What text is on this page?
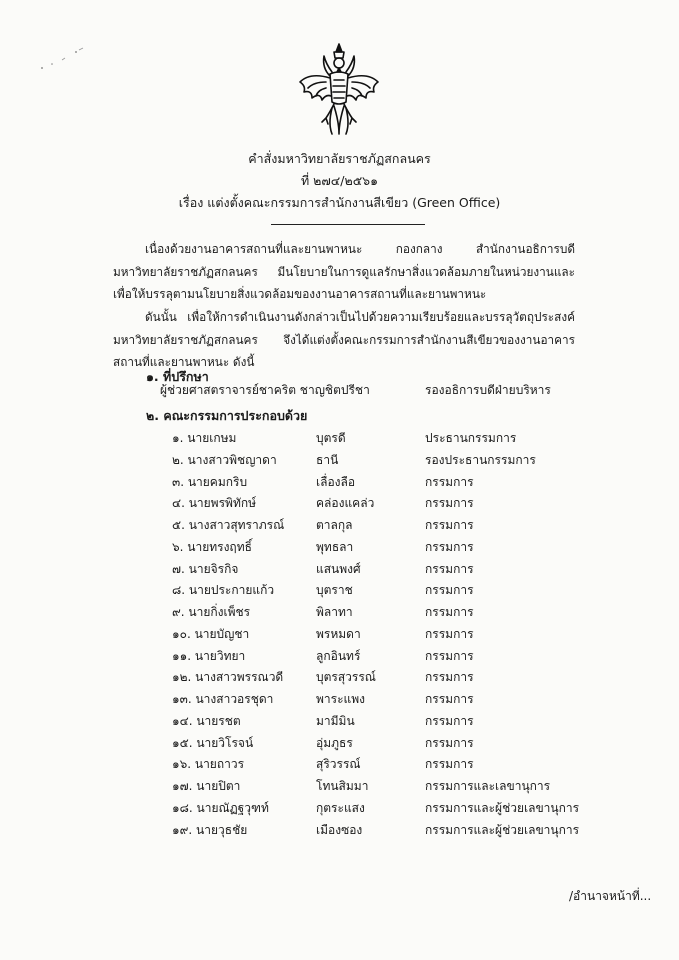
คำสั่งมหาวิทยาลัยราชภัฏสกลนคร
ที่ ๒๗๔/๒๕๖๑
เรื่อง แต่งตั้งคณะกรรมการสำนักงานสีเขียว (Green Office)
เนื่องด้วยงานอาคารสถานที่และยานพาหนะ กองกลาง สำนักงานอธิการบดี มหาวิทยาลัยราชภัฏสกลนคร มีนโยบายในการดูแลรักษาสิ่งแวดล้อมภายในหน่วยงานและเพื่อให้บรรลุตามนโยบายสิ่งแวดล้อมของงานอาคารสถานที่และยานพาหนะ
ดันนั้น เพื่อให้การดำเนินงานดังกล่าวเป็นไปด้วยความเรียบร้อยและบรรลุวัตถุประสงค์มหาวิทยาลัยราชภัฏสกลนคร จึงได้แต่งตั้งคณะกรรมการสำนักงานสีเขียวของงานอาคารสถานที่และยานพาหนะ ดังนี้
๑. ที่ปรึกษา
ผู้ช่วยศาสตราจารย์ชาคริต ชาญชิตปรีชา	รองอธิการบดีฝ่ายบริหาร
๒. คณะกรรมการประกอบด้วย
๑. นายเกษม	บุตรดี	ประธานกรรมการ
๒. นางสาวพิชญาดา	ธานี	รองประธานกรรมการ
๓. นายคมกริบ	เลื่องลือ	กรรมการ
๔. นายพรพิทักษ์	คล่องแคล่ว	กรรมการ
๕. นางสาวสุทราภรณ์	ตาลกุล	กรรมการ
๖. นายทรงฤทธิ์	พุทธลา	กรรมการ
๗. นายจิรกิจ	แสนพงศ์	กรรมการ
๘. นายประกายแก้ว	บุตราช	กรรมการ
๙. นายกิ่งเพ็ชร	พิลาทา	กรรมการ
๑๐. นายบัญชา	พรหมดา	กรรมการ
๑๑. นายวิทยา	ลูกอินทร์	กรรมการ
๑๒. นางสาวพรรณวดี	บุตรสุวรรณ์	กรรมการ
๑๓. นางสาวอรชุดา	พาระแพง	กรรมการ
๑๔. นายรชต	มามีมิน	กรรมการ
๑๕. นายวิโรจน์	อุ่มภูธร	กรรมการ
๑๖. นายถาวร	สุริวรรณ์	กรรมการ
๑๗. นายปิตา	โทนสิมมา	กรรมการและเลขานุการ
๑๘. นายณัฏฐวุฑท์	กุตระแสง	กรรมการและผู้ช่วยเลขานุการ
๑๙. นายวุธชัย	เมืองซอง	กรรมการและผู้ช่วยเลขานุการ
/อำนาจหน้าที่...
